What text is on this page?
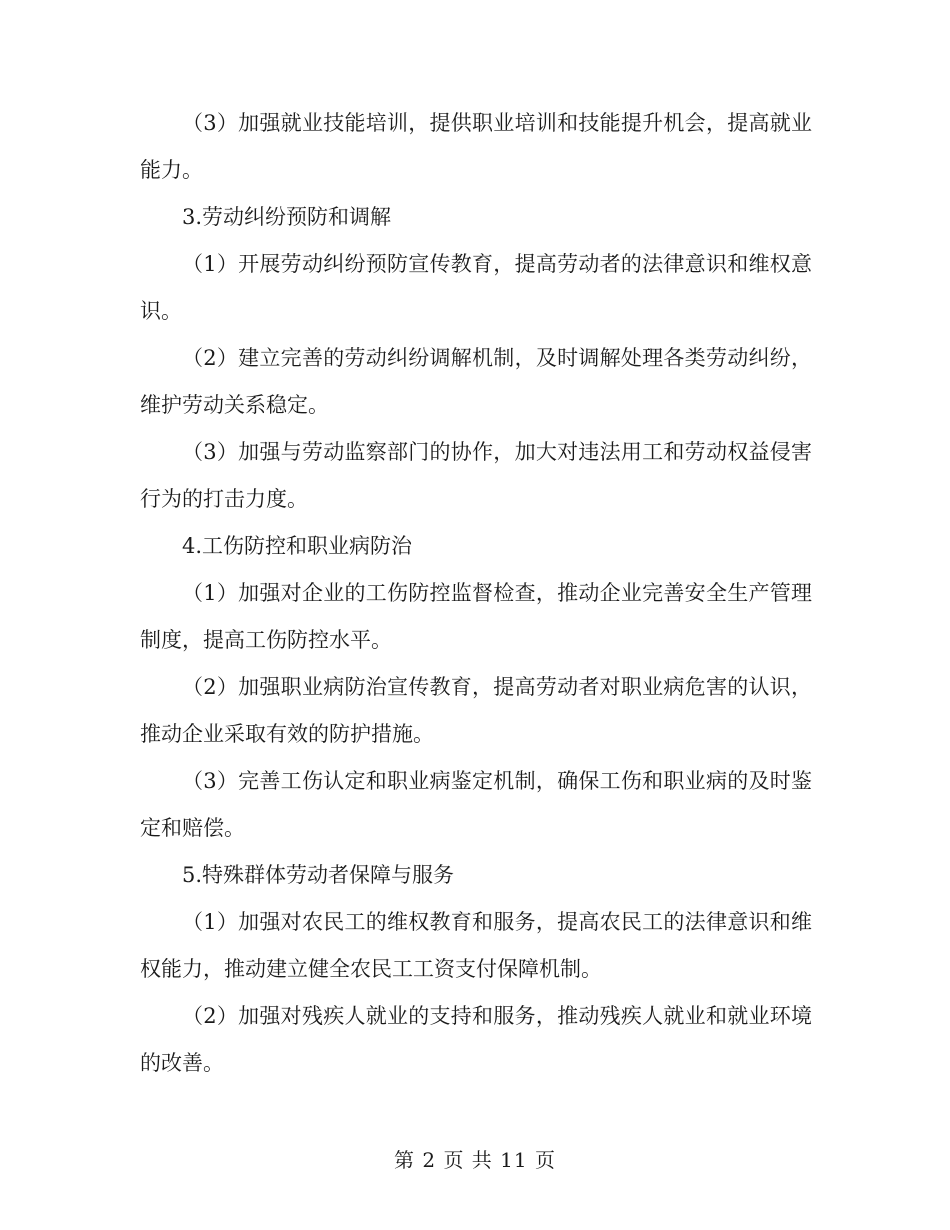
（3）加强就业技能培训，提供职业培训和技能提升机会，提高就业能力。

3.劳动纠纷预防和调解

（1）开展劳动纠纷预防宣传教育，提高劳动者的法律意识和维权意识。

（2）建立完善的劳动纠纷调解机制，及时调解处理各类劳动纠纷，维护劳动关系稳定。

（3）加强与劳动监察部门的协作，加大对违法用工和劳动权益侵害行为的打击力度。

4.工伤防控和职业病防治

（1）加强对企业的工伤防控监督检查，推动企业完善安全生产管理制度，提高工伤防控水平。

（2）加强职业病防治宣传教育，提高劳动者对职业病危害的认识，推动企业采取有效的防护措施。

（3）完善工伤认定和职业病鉴定机制，确保工伤和职业病的及时鉴定和赔偿。

5.特殊群体劳动者保障与服务

（1）加强对农民工的维权教育和服务，提高农民工的法律意识和维权能力，推动建立健全农民工工资支付保障机制。

（2）加强对残疾人就业的支持和服务，推动残疾人就业和就业环境的改善。

第 2 页 共 11 页
